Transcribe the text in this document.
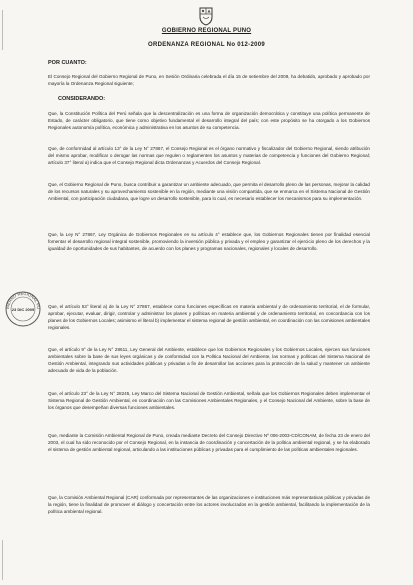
GOBIERNO REGIONAL PUNO
ORDENANZA REGIONAL No 012-2009
POR CUANTO:
El Consejo Regional del Gobierno Regional de Puno, en Sesión Ordinaria celebrada el día 15 de setiembre del 2009, ha debatido, aprobado y aprobado por mayoría la Ordenanza Regional siguiente;
CONSIDERANDO:
Que, la Constitución Política del Perú señala que la descentralización es una forma de organización democrática y constituye una política permanente de Estado, de carácter obligatorio, que tiene como objetivo fundamental el desarrollo integral del país; con este propósito se ha otorgado a los Gobiernos Regionales autonomía política, económica y administrativa en los asuntos de su competencia.
Que, de conformidad al artículo 13° de la Ley N° 27867, el Consejo Regional es el órgano normativo y fiscalizador del Gobierno Regional, siendo atribución del mismo aprobar, modificar o derogar las normas que regulen o reglamenten los asuntos y materias de competencia y funciones del Gobierno Regional; artículo 37° literal a) indica que el Consejo Regional dicta Ordenanzas y Acuerdos del Consejo Regional.
Que, el Gobierno Regional de Puno, busca contribuir a garantizar un ambiente adecuado, que permita el desarrollo pleno de las personas, mejorar la calidad de los recursos naturales y su aprovechamiento sostenible en la región, mediante una visión compartida, que se enmarca en el Sistema Nacional de Gestión Ambiental, con participación ciudadana, que logre un desarrollo sostenible, para lo cual, es necesario establecer los mecanismos para su implementación.
Que, la Ley N° 27867, Ley Orgánica de Gobiernos Regionales en su artículo 4° establece que, los Gobiernos Regionales tienen por finalidad esencial fomentar el desarrollo regional integral sostenible, promoviendo la inversión pública y privada y el empleo y garantizar el ejercicio pleno de los derechos y la igualdad de oportunidades de sus habitantes, de acuerdo con los planes y programas nacionales, regionales y locales de desarrollo.
Que, el artículo 53° literal a) de la Ley N° 27867, establece como funciones específicas en materia ambiental y de ordenamiento territorial, el de formular, aprobar, ejecutar, evaluar, dirigir, controlar y administrar los planes y políticas en materia ambiental y de ordenamiento territorial, en concordancia con los planes de los Gobiernos Locales; asimismo el literal b) implementar el sistema regional de gestión ambiental, en coordinación con las comisiones ambientales regionales.
Que, el artículo 9° de la Ley N° 28611, Ley General del Ambiente, establece que los Gobiernos Regionales y los Gobiernos Locales, ejercen sus funciones ambientales sobre la base de sus leyes orgánicas y de conformidad con la Política Nacional del Ambiente, las normas y políticas del Sistema Nacional de Gestión Ambiental, integrando sus actividades públicas y privadas a fin de desarrollar las acciones para la protección de la salud y mantener un ambiente adecuado de vida de la población.
Que, el artículo 23° de la Ley N° 28245, Ley Marco del Sistema Nacional de Gestión Ambiental, señala que los Gobiernos Regionales deben implementar el Sistema Regional de Gestión Ambiental, en coordinación con las Comisiones Ambientales Regionales, y el Consejo Nacional del Ambiente, sobre la base de los órganos que desempeñan diversas funciones ambientales.
Que, mediante la Comisión Ambiental Regional de Puno, creada mediante Decreto del Consejo Directivo Nº 006-2003-CD/CONAM, de fecha 23 de enero del 2003, el cual ha sido reconocido por el Consejo Regional, en la instancia de coordinación y concertación de la política ambiental regional, y se ha elaborado el sistema de gestión ambiental regional, articulando a las instituciones públicas y privadas para el cumplimiento de las políticas ambientales regionales.
Que, la Comisión Ambiental Regional (CAR) conformada por representantes de las organizaciones e instituciones más representativas públicas y privadas de la región, tiene la finalidad de promover el diálogo y concertación entre los actores involucrados en la gestión ambiental, facilitando la implementación de la política ambiental regional.
BIERNO REGIONAL PU
23 DIC 2009
